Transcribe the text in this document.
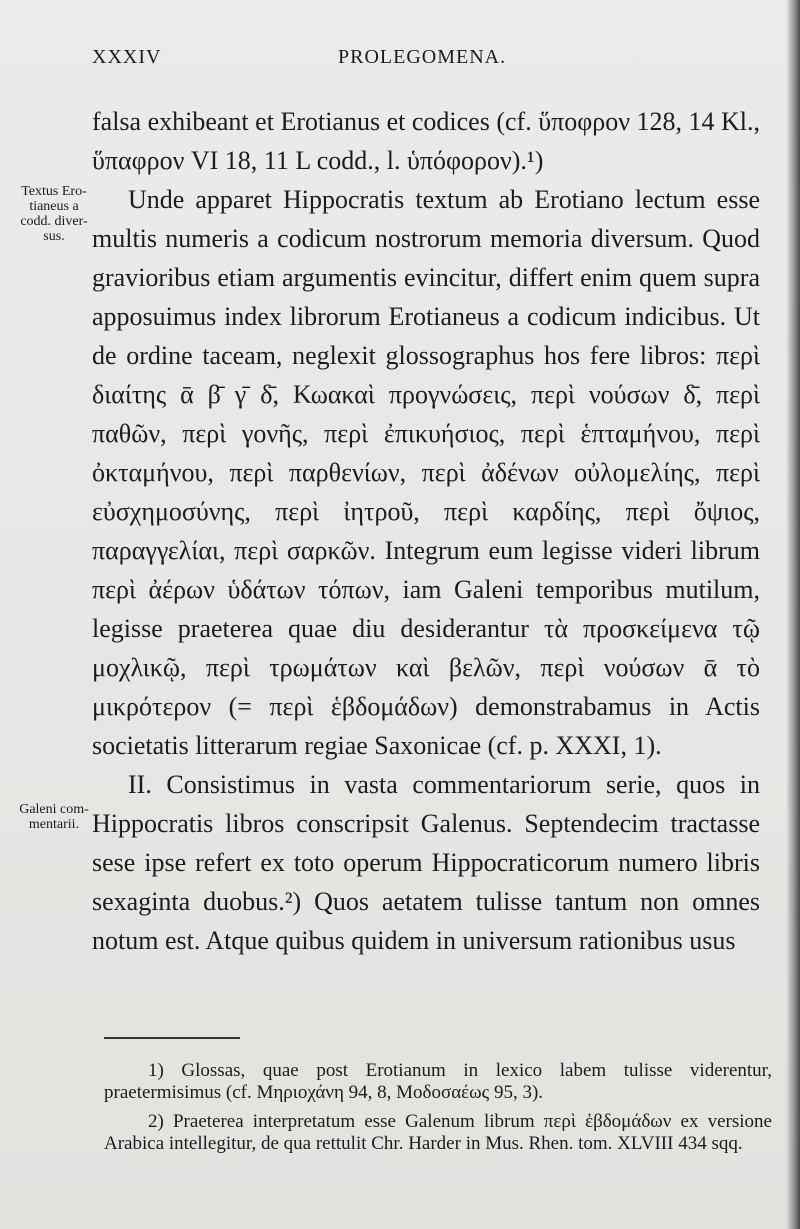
XXXIV	PROLEGOMENA.
Textus Ero-tianeus a codd. diver-sus.
Galeni com-mentarii.

falsa exhibeant et Erotianus et codices (cf. ὕποφρον 128, 14 Kl., ὕπαφρον VI 18, 11 L codd., l. ὑπόφορον).¹)

Unde apparet Hippocratis textum ab Erotiano lectum esse multis numeris a codicum nostrorum memoria diversum. Quod gravioribus etiam argumentis evincitur, differt enim quem supra apposuimus index librorum Erotianeus a codicum indicibus. Ut de ordine taceam, neglexit glossographus hos fere libros: περὶ διαίτης ᾱ β̄ γ̄ δ̄, Κωακαὶ προγνώσεις, περὶ νούσων δ̄, περὶ παθῶν, περὶ γονῆς, περὶ ἐπικυήσιος, περὶ ἑπταμήνου, περὶ ὀκταμήνου, περὶ παρθενίων, περὶ ἀδένων οὐλομελίης, περὶ εὐσχημοσύνης, περὶ ἰητροῦ, περὶ καρδίης, περὶ ὄψιος, παραγγελίαι, περὶ σαρκῶν. Integrum eum legisse videri librum περὶ ἀέρων ὑδάτων τόπων, iam Galeni temporibus mutilum, legisse praeterea quae diu desiderantur τὰ προσκείμενα τῷ μοχλικῷ, περὶ τρωμάτων καὶ βελῶν, περὶ νούσων ᾱ τὸ μικρότερον (= περὶ ἑβδομάδων) demonstrabamus in Actis societatis litterarum regiae Saxonicae (cf. p. XXXI, 1).

II. Consistimus in vasta commentariorum serie, quos in Hippocratis libros conscripsit Galenus. Septendecim tractasse sese ipse refert ex toto operum Hippocraticorum numero libris sexaginta duobus.²) Quos aetatem tulisse tantum non omnes notum est. Atque quibus quidem in universum rationibus usus

1) Glossas, quae post Erotianum in lexico labem tulisse viderentur, praetermisimus (cf. Μηριοχάνη 94, 8, Μοδοσαέως 95, 3).

2) Praeterea interpretatum esse Galenum librum περὶ ἑβδομάδων ex versione Arabica intellegitur, de qua rettulit Chr. Harder in Mus. Rhen. tom. XLVIII 434 sqq.
